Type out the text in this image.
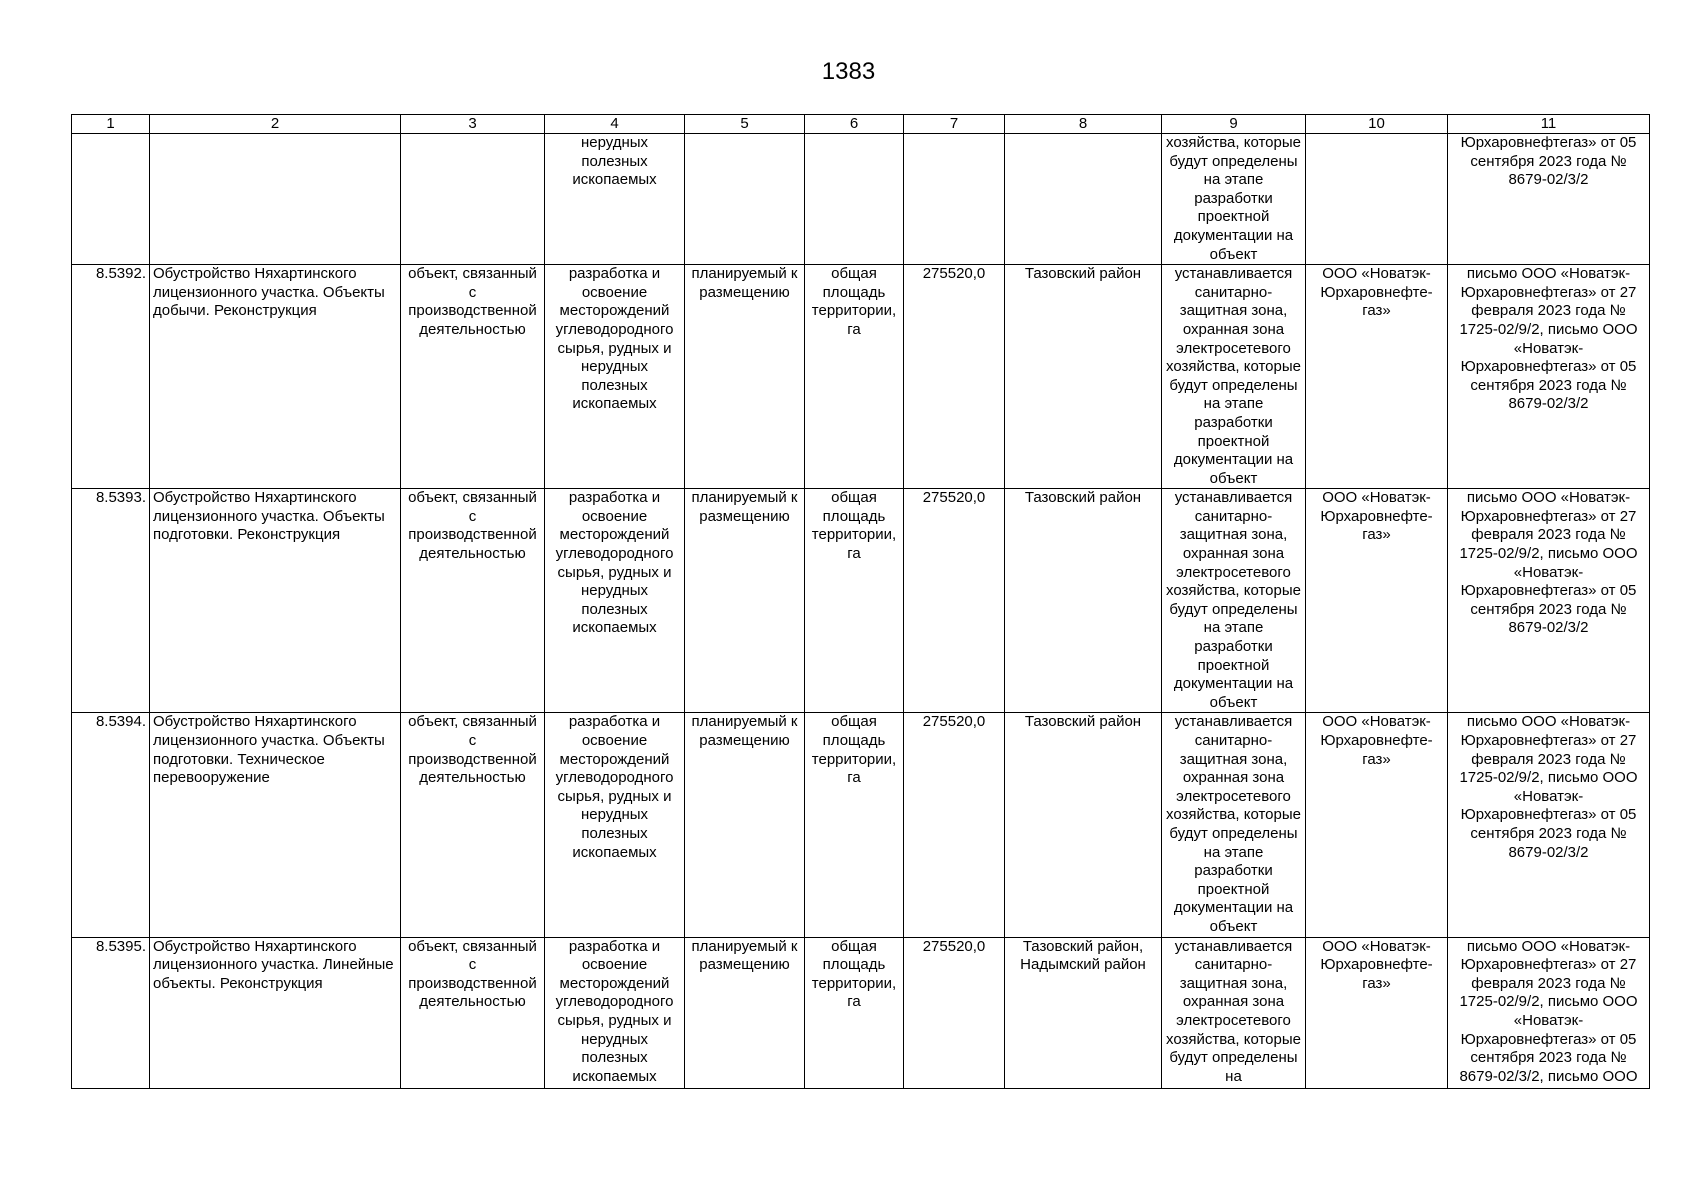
1383
1	2	3	4	5	6	7	8	9	10	11
			нерудных полезных ископаемых					хозяйства, которые будут определены на этапе разработки проектной документации на объект		Юрхаровнефтегаз» от 05 сентября 2023 года № 8679-02/3/2
8.5392.	Обустройство Няхартинского лицензионного участка. Объекты добычи. Реконструкция	объект, связанный с производственной деятельностью	разработка и освоение месторождений углеводородного сырья, рудных и нерудных полезных ископаемых	планируемый к размещению	общая площадь территории, га	275520,0	Тазовский район	устанавливается санитарно-защитная зона, охранная зона электросетевого хозяйства, которые будут определены на этапе разработки проектной документации на объект	ООО «Новатэк-Юрхаровнефте-газ»	письмо ООО «Новатэк-Юрхаровнефтегаз» от 27 февраля 2023 года № 1725-02/9/2, письмо ООО «Новатэк-Юрхаровнефтегаз» от 05 сентября 2023 года № 8679-02/3/2
8.5393.	Обустройство Няхартинского лицензионного участка. Объекты подготовки. Реконструкция	объект, связанный с производственной деятельностью	разработка и освоение месторождений углеводородного сырья, рудных и нерудных полезных ископаемых	планируемый к размещению	общая площадь территории, га	275520,0	Тазовский район	устанавливается санитарно-защитная зона, охранная зона электросетевого хозяйства, которые будут определены на этапе разработки проектной документации на объект	ООО «Новатэк-Юрхаровнефте-газ»	письмо ООО «Новатэк-Юрхаровнефтегаз» от 27 февраля 2023 года № 1725-02/9/2, письмо ООО «Новатэк-Юрхаровнефтегаз» от 05 сентября 2023 года № 8679-02/3/2
8.5394.	Обустройство Няхартинского лицензионного участка. Объекты подготовки. Техническое перевооружение	объект, связанный с производственной деятельностью	разработка и освоение месторождений углеводородного сырья, рудных и нерудных полезных ископаемых	планируемый к размещению	общая площадь территории, га	275520,0	Тазовский район	устанавливается санитарно-защитная зона, охранная зона электросетевого хозяйства, которые будут определены на этапе разработки проектной документации на объект	ООО «Новатэк-Юрхаровнефте-газ»	письмо ООО «Новатэк-Юрхаровнефтегаз» от 27 февраля 2023 года № 1725-02/9/2, письмо ООО «Новатэк-Юрхаровнефтегаз» от 05 сентября 2023 года № 8679-02/3/2
8.5395.	Обустройство Няхартинского лицензионного участка. Линейные объекты. Реконструкция	объект, связанный с производственной деятельностью	разработка и освоение месторождений углеводородного сырья, рудных и нерудных полезных ископаемых	планируемый к размещению	общая площадь территории, га	275520,0	Тазовский район, Надымский район	устанавливается санитарно-защитная зона, охранная зона электросетевого хозяйства, которые будут определены на	ООО «Новатэк-Юрхаровнефте-газ»	письмо ООО «Новатэк-Юрхаровнефтегаз» от 27 февраля 2023 года № 1725-02/9/2, письмо ООО «Новатэк-Юрхаровнефтегаз» от 05 сентября 2023 года № 8679-02/3/2, письмо ООО
